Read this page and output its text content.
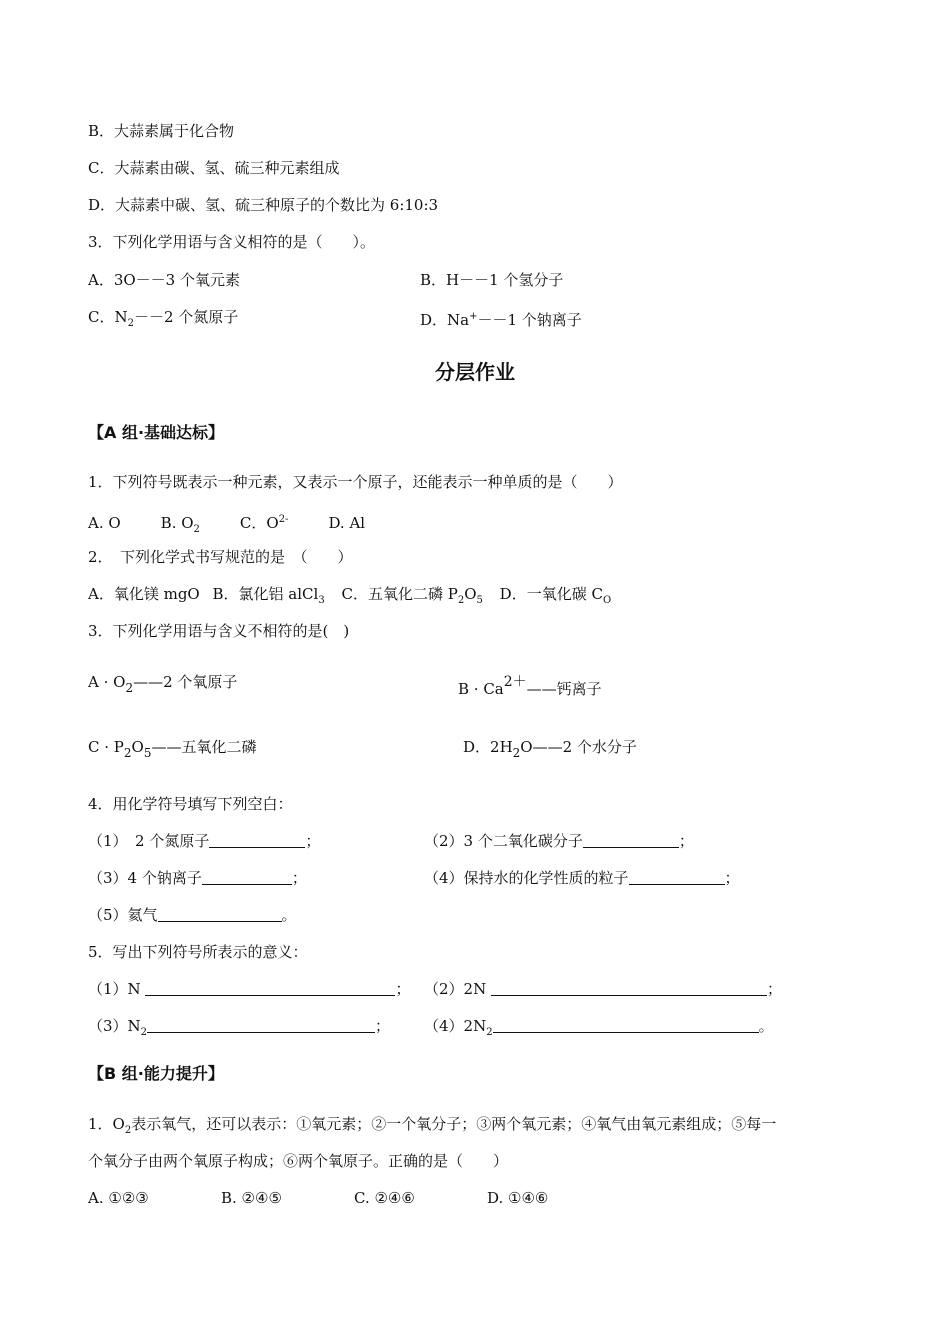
B．大蒜素属于化合物
C．大蒜素由碳、氢、硫三种元素组成
D．大蒜素中碳、氢、硫三种原子的个数比为 6:10:3
3．下列化学用语与含义相符的是（　　）。
A．3O－－3 个氧元素	B．H－－1 个氢分子
C．$N_2--2$ 个氮原子	D．Na+－－1 个钠离子
分层作业
【A 组·基础达标】
1．下列符号既表示一种元素，又表示一个原子，还能表示一种单质的是（　　）
A. O	B. $O_2$	C．$O^{2-}$	D. Al
2．　下列化学式书写规范的是　（　　）
A．氧化镁 mgO B．氯化铝 alCl$_3$ C．五氧化二磷 $P_2O_5$ D．一氧化碳 $C_O$
3．下列化学用语与含义不相符的是(　)
$A \cdot O_2——2$ 个氧原子	B · Ca2＋——钙离子
$C \cdot P_2O_5——$五氧化二磷	D．$2H_2O——2$ 个水分子
4．用化学符号填写下列空白：
（1）　2 个氮原子	；	（2）3 个二氧化碳分子	；
（3）4 个钠离子	；	（4）保持水的化学性质的粒子	；
（5）氦气	。
5．写出下列符号所表示的意义：
（1）N	； （2）2N	；
$(3)N_2$	； $(4)2N_2$	。
【B 组·能力提升】
1．$O_2$表示氧气，还可以表示：①氧元素；②一个氧分子；③两个氧元素；④氧气由氧元素组成；⑤每一
个氧分子由两个氧原子构成；⑥两个氧原子。正确的是（　　）
A. ①②③	B. ②④⑤	C. ②④⑥	D. ①④⑥
